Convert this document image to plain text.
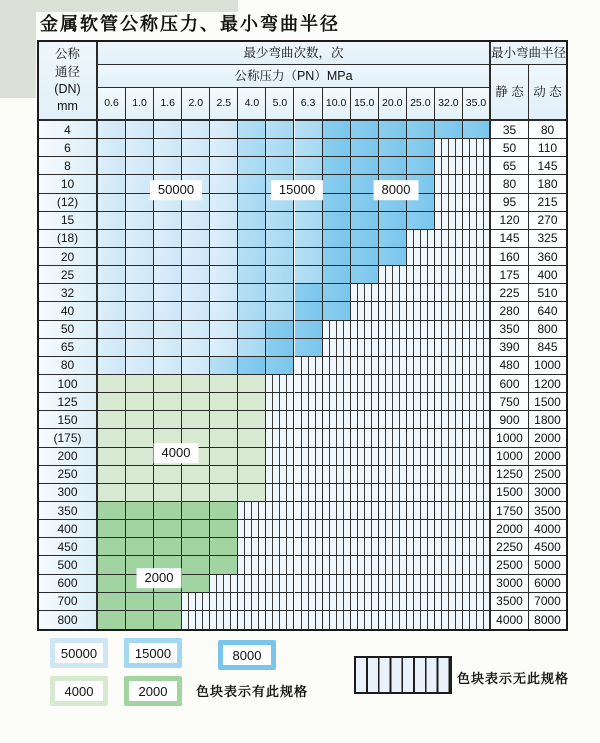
金属软管公称压力、最小弯曲半径
公称
通径
(DN)
mm
最少弯曲次数，次	最小弯曲半径
公称压力（PN）MPa
静 态 动 态
0.6	1.0	1.6	2.0	2.5	4.0	5.0	6.3	10.0 15.0 20.0 25.0 32.0 35.0
4	35	80
6	50	110
8	65	145
10	80	180
(12)	95	215
15	120	270
(18)	145	325
20	160	360
25	175	400
32	225	510
40	280	640
50	350	800
65	390	845
80	480	1000
100	600	1200
125	750	1500
150	900	1800
(175)	1000 2000
200	1000 2000
250	1250 2500
300	1500 3000
350	1750 3500
400	2000 4000
450	2250 4500
500	2500 5000
600	3000 6000
700	3500 7000
800	4000 8000
50000	15000	8000
4000
2000
50000	15000	8000
4000	2000	色块表示有此规格
色块表示无此规格
